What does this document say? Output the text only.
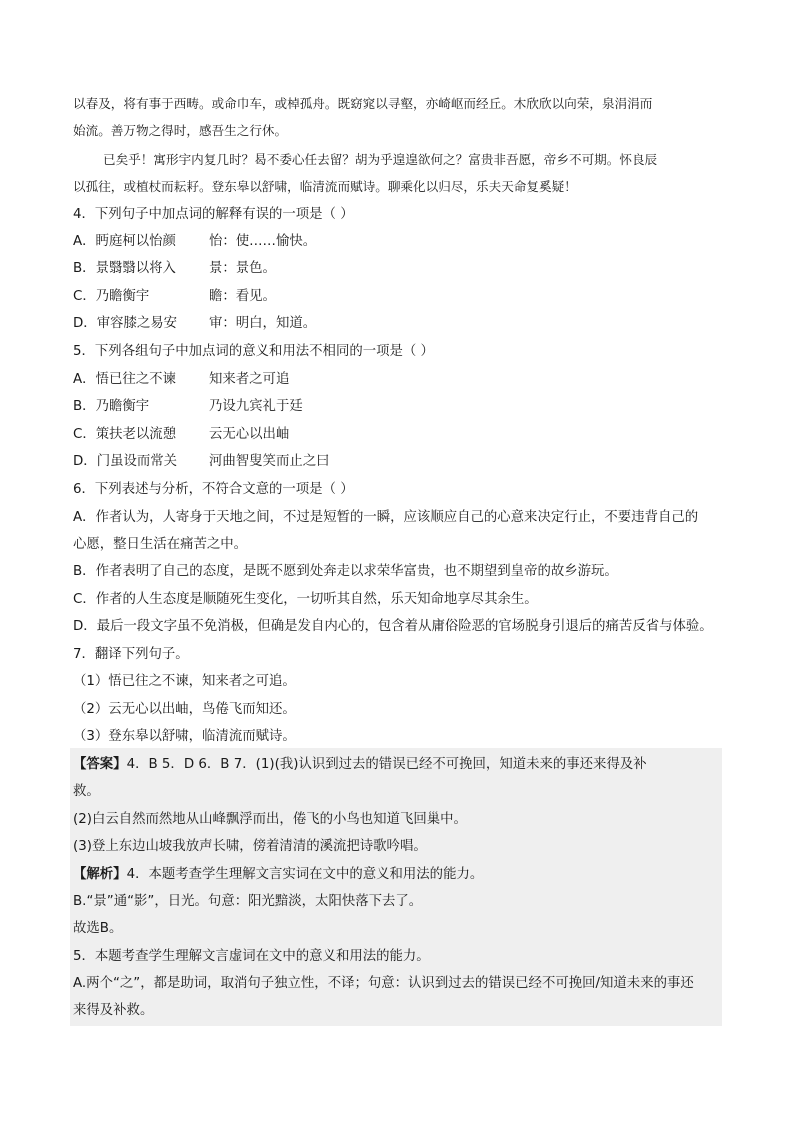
以春及，将有事于西畴。或命巾车，或棹孤舟。既窈窕以寻壑，亦崎岖而经丘。木欣欣以向荣，泉涓涓而
始流。善万物之得时，感吾生之行休。
已矣乎！寓形宇内复几时？曷不委心任去留？胡为乎遑遑欲何之？富贵非吾愿，帝乡不可期。怀良辰
以孤往，或植杖而耘耔。登东皋以舒啸，临清流而赋诗。聊乘化以归尽，乐夫天命复奚疑！
4．下列句子中加点词的解释有误的一项是（ ）
A．眄庭柯以怡颜 怡：使……愉快。
B．景翳翳以将入 景：景色。
C．乃瞻衡宇	瞻：看见。
D．审容膝之易安 审：明白，知道。
5．下列各组句子中加点词的意义和用法不相同的一项是（ ）
A．悟已往之不谏 知来者之可追
B．乃瞻衡宇	乃设九宾礼于廷
C．策扶老以流憩 云无心以出岫
D．门虽设而常关 河曲智叟笑而止之曰
6．下列表述与分析，不符合文意的一项是（ ）
A．作者认为，人寄身于天地之间，不过是短暂的一瞬，应该顺应自己的心意来决定行止，不要违背自己的
心愿，整日生活在痛苦之中。
B．作者表明了自己的态度，是既不愿到处奔走以求荣华富贵，也不期望到皇帝的故乡游玩。
C．作者的人生态度是顺随死生变化，一切听其自然，乐天知命地享尽其余生。
D．最后一段文字虽不免消极，但确是发自内心的，包含着从庸俗险恶的官场脱身引退后的痛苦反省与体验。
7．翻译下列句子。
（1）悟已往之不谏，知来者之可追。
（2）云无心以出岫，鸟倦飞而知还。
（3）登东皋以舒啸，临清流而赋诗。
【答案】4．B 5．D 6．B 7．(1)(我)认识到过去的错误已经不可挽回，知道未来的事还来得及补
救。
(2)白云自然而然地从山峰飘浮而出，倦飞的小鸟也知道飞回巢中。
(3)登上东边山坡我放声长啸，傍着清清的溪流把诗歌吟唱。
【解析】4．本题考查学生理解文言实词在文中的意义和用法的能力。
B.“景”通“影”，日光。句意：阳光黯淡，太阳快落下去了。
故选B。
5．本题考查学生理解文言虚词在文中的意义和用法的能力。
A.两个“之”，都是助词，取消句子独立性，不译；句意：认识到过去的错误已经不可挽回/知道未来的事还
来得及补救。
